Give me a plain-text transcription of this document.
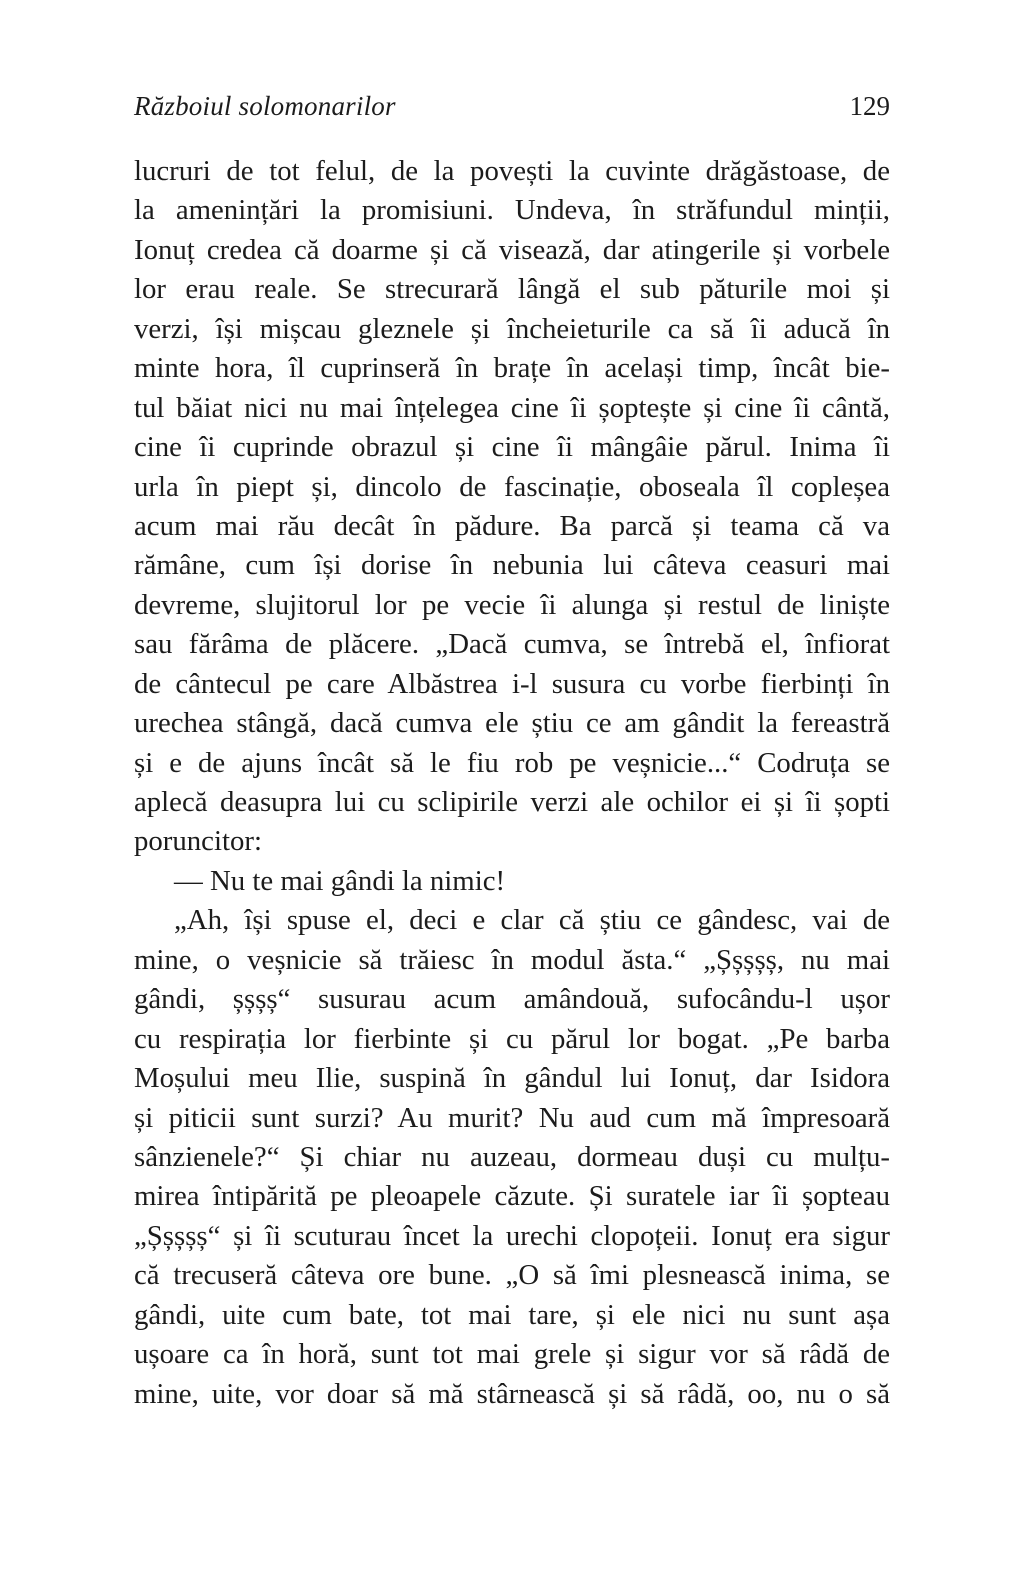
Războiul solomonarilor	129
lucruri de tot felul, de la povești la cuvinte drăgăstoase, de
la amenințări la promisiuni. Undeva, în străfundul minții,
Ionuț credea că doarme și că visează, dar atingerile și vorbele
lor erau reale. Se strecurară lângă el sub păturile moi și
verzi, își mișcau gleznele și încheieturile ca să îi aducă în
minte hora, îl cuprinseră în brațe în același timp, încât bie-
tul băiat nici nu mai înțelegea cine îi șoptește și cine îi cântă,
cine îi cuprinde obrazul și cine îi mângâie părul. Inima îi
urla în piept și, dincolo de fascinație, oboseala îl copleșea
acum mai rău decât în pădure. Ba parcă și teama că va
rămâne, cum își dorise în nebunia lui câteva ceasuri mai
devreme, slujitorul lor pe vecie îi alunga și restul de liniște
sau fărâma de plăcere. „Dacă cumva, se întrebă el, înfiorat
de cântecul pe care Albăstrea i-l susura cu vorbe fierbinți în
urechea stângă, dacă cumva ele știu ce am gândit la fereastră
și e de ajuns încât să le fiu rob pe veșnicie...“ Codruța se
aplecă deasupra lui cu sclipirile verzi ale ochilor ei și îi șopti
poruncitor:
— Nu te mai gândi la nimic!
„Ah, își spuse el, deci e clar că știu ce gândesc, vai de
mine, o veșnicie să trăiesc în modul ăsta.“ „Șșșșș, nu mai
gândi, șșșș“ susurau acum amândouă, sufocându-l ușor
cu respirația lor fierbinte și cu părul lor bogat. „Pe barba
Moșului meu Ilie, suspină în gândul lui Ionuț, dar Isidora
și piticii sunt surzi? Au murit? Nu aud cum mă împresoară
sânzienele?“ Și chiar nu auzeau, dormeau duși cu mulțu-
mirea întipărită pe pleoapele căzute. Și suratele iar îi șopteau
„Șșșșș“ și îi scuturau încet la urechi clopoțeii. Ionuț era sigur
că trecuseră câteva ore bune. „O să îmi plesnească inima, se
gândi, uite cum bate, tot mai tare, și ele nici nu sunt așa
ușoare ca în horă, sunt tot mai grele și sigur vor să râdă de
mine, uite, vor doar să mă stârnească și să râdă, oo, nu o să
